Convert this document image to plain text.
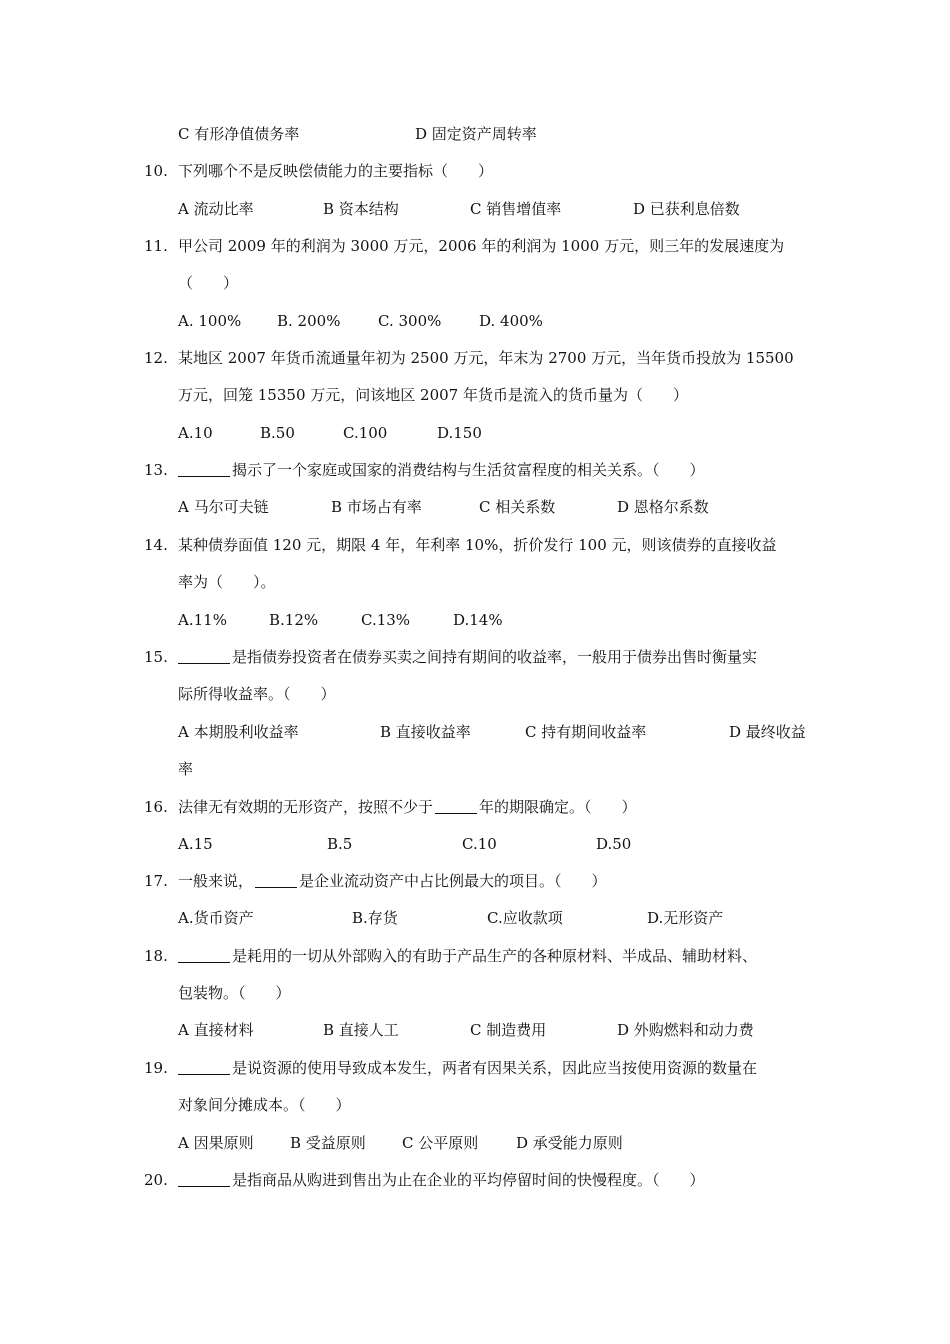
C 有形净值债务率	D 固定资产周转率
10. 下列哪个不是反映偿债能力的主要指标（　　）
A 流动比率	B 资本结构	C 销售增值率	D 已获利息倍数
11. 甲公司 2009 年的利润为 3000 万元，2006 年的利润为 1000 万元，则三年的发展速度为
（　　）
A. 100% B. 200%	C. 300%	D. 400%
12. 某地区 2007 年货币流通量年初为 2500 万元，年末为 2700 万元，当年货币投放为 15500
万元，回笼 15350 万元，问该地区 2007 年货币是流入的货币量为（　　）
A.10	B.50	C.100	D.150
13.	揭示了一个家庭或国家的消费结构与生活贫富程度的相关关系。（　　）
A 马尔可夫链	B 市场占有率	C 相关系数	D 恩格尔系数
14. 某种债券面值 120 元，期限 4 年，年利率 10%，折价发行 100 元，则该债券的直接收益
率为（　　）。
A.11%	B.12%	C.13%	D.14%
15.	是指债券投资者在债券买卖之间持有期间的收益率，一般用于债券出售时衡量实
际所得收益率。（　　）
A 本期股利收益率	B 直接收益率	C 持有期间收益率	D 最终收益
率
16. 法律无有效期的无形资产，按照不少于	年的期限确定。（　　）
A.15	B.5	C.10	D.50
17. 一般来说，	是企业流动资产中占比例最大的项目。（　　）
A.货币资产	B.存货	C.应收款项	D.无形资产
18.	是耗用的一切从外部购入的有助于产品生产的各种原材料、半成品、辅助材料、
包装物。（　　）
A 直接材料	B 直接人工	C 制造费用	D 外购燃料和动力费
19.	是说资源的使用导致成本发生，两者有因果关系，因此应当按使用资源的数量在
对象间分摊成本。（　　）
A 因果原则 B 受益原则 C 公平原则	D 承受能力原则
20.	是指商品从购进到售出为止在企业的平均停留时间的快慢程度。（　　）
